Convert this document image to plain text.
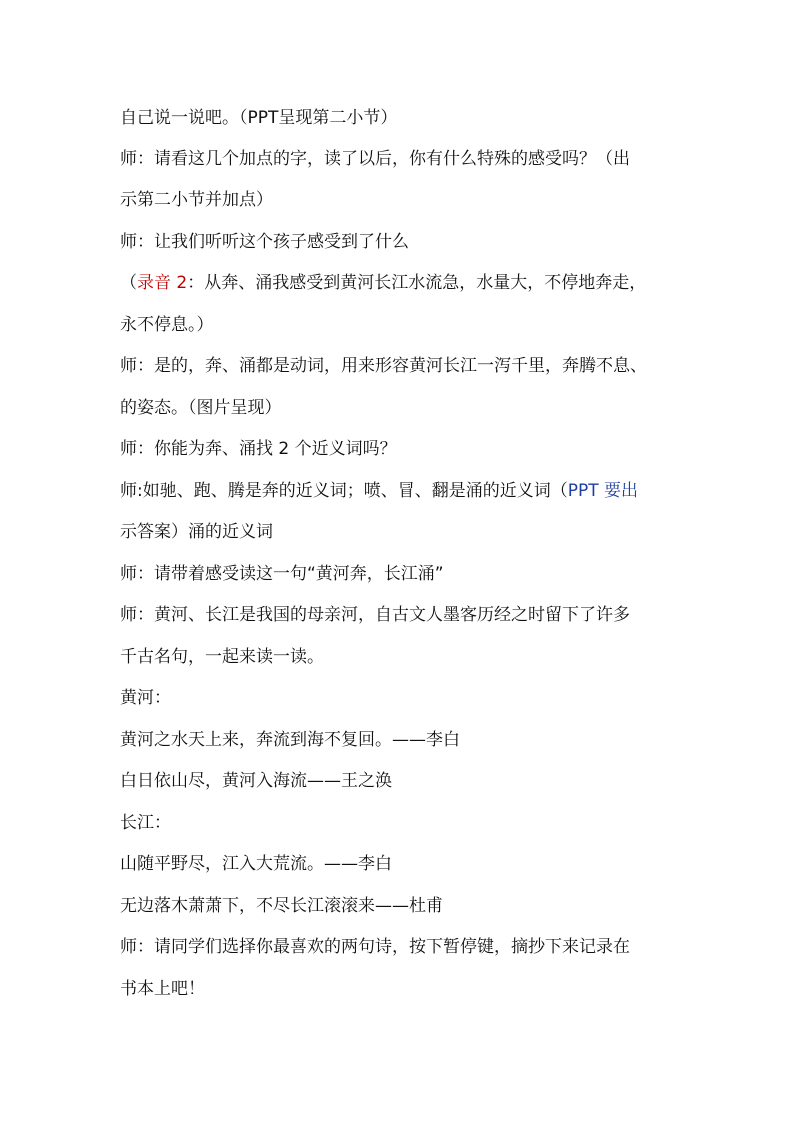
自己说一说吧。（PPT呈现第二小节）
师：请看这几个加点的字，读了以后，你有什么特殊的感受吗？（出
示第二小节并加点）
师：让我们听听这个孩子感受到了什么
（录音 2：从奔、涌我感受到黄河长江水流急，水量大，不停地奔走，
永不停息。）
师：是的，奔、涌都是动词，用来形容黄河长江一泻千里，奔腾不息、
的姿态。（图片呈现）
师：你能为奔、涌找 2 个近义词吗？
师:如驰、跑、腾是奔的近义词；喷、冒、翻是涌的近义词（PPT 要出
示答案）涌的近义词
师：请带着感受读这一句“黄河奔，长江涌”
师：黄河、长江是我国的母亲河，自古文人墨客历经之时留下了许多
千古名句，一起来读一读。
黄河：
黄河之水天上来，奔流到海不复回。——李白
白日依山尽，黄河入海流——王之涣
长江：
山随平野尽，江入大荒流。——李白
无边落木萧萧下，不尽长江滚滚来——杜甫
师：请同学们选择你最喜欢的两句诗，按下暂停键，摘抄下来记录在
书本上吧！
